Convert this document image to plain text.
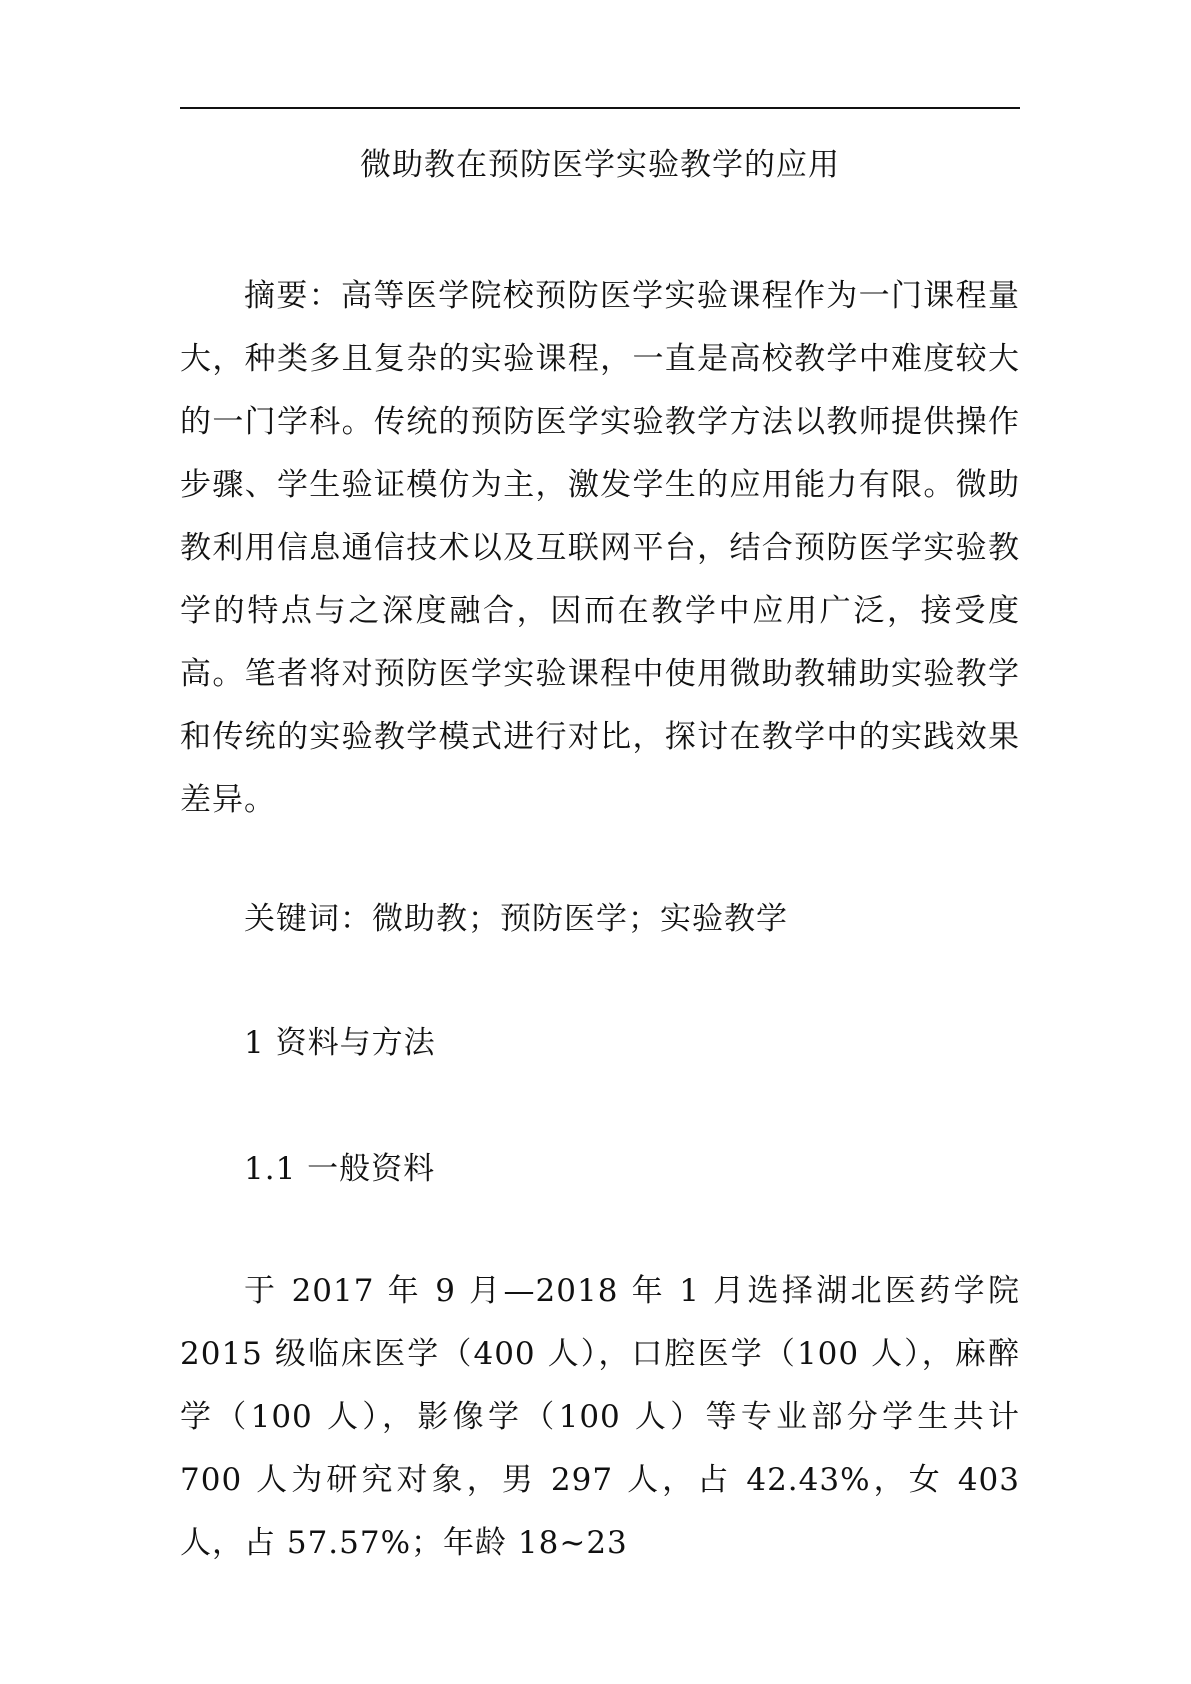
微助教在预防医学实验教学的应用

摘要：高等医学院校预防医学实验课程作为一门课程量大，种类多且复杂的实验课程，一直是高校教学中难度较大的一门学科。传统的预防医学实验教学方法以教师提供操作步骤、学生验证模仿为主，激发学生的应用能力有限。微助教利用信息通信技术以及互联网平台，结合预防医学实验教学的特点与之深度融合，因而在教学中应用广泛，接受度高。笔者将对预防医学实验课程中使用微助教辅助实验教学和传统的实验教学模式进行对比，探讨在教学中的实践效果差异。

关键词：微助教；预防医学；实验教学

1 资料与方法

1.1 一般资料

于 2017 年 9 月—2018 年 1 月选择湖北医药学院 2015 级临床医学（400 人），口腔医学（100 人），麻醉学（100 人），影像学（100 人）等专业部分学生共计 700 人为研究对象，男 297 人，占 42.43%，女 403 人，占 57.57%；年龄 18~23
